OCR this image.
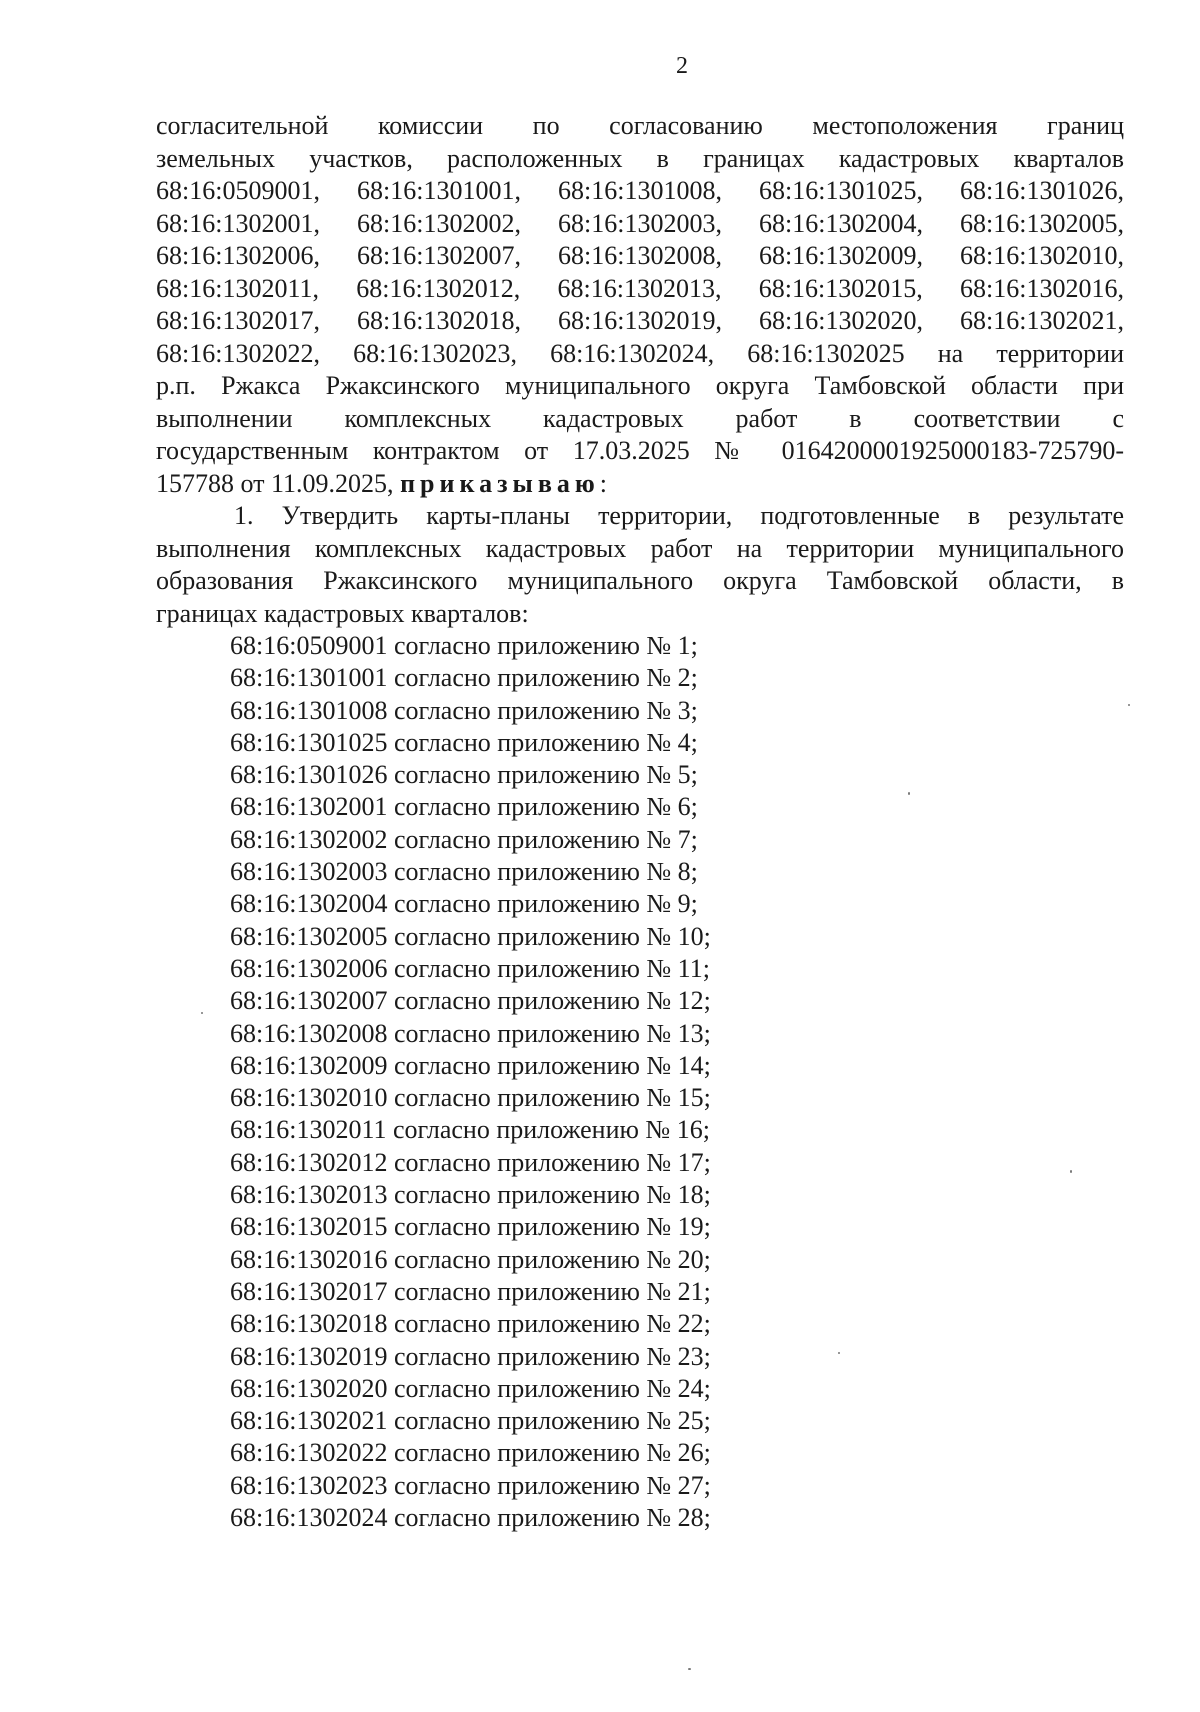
2

согласительной комиссии по согласованию местоположения границ

земельных участков, расположенных в границах кадастровых кварталов

68:16:0509001, 68:16:1301001, 68:16:1301008, 68:16:1301025, 68:16:1301026,

68:16:1302001, 68:16:1302002, 68:16:1302003, 68:16:1302004, 68:16:1302005,

68:16:1302006, 68:16:1302007, 68:16:1302008, 68:16:1302009, 68:16:1302010,

68:16:1302011, 68:16:1302012, 68:16:1302013, 68:16:1302015, 68:16:1302016,

68:16:1302017, 68:16:1302018, 68:16:1302019, 68:16:1302020, 68:16:1302021,

68:16:1302022, 68:16:1302023, 68:16:1302024, 68:16:1302025 на территории

р.п. Ржакса Ржаксинского муниципального округа Тамбовской области при

выполнении комплексных кадастровых работ в соответствии с

государственным контрактом от 17.03.2025 № 0164200001925000183-725790-

157788 от 11.09.2025, приказываю:

1. Утвердить карты-планы территории, подготовленные в результате

выполнения комплексных кадастровых работ на территории муниципального

образования Ржаксинского муниципального округа Тамбовской области, в

границах кадастровых кварталов:

68:16:0509001 согласно приложению № 1;
68:16:1301001 согласно приложению № 2;
68:16:1301008 согласно приложению № 3;
68:16:1301025 согласно приложению № 4;
68:16:1301026 согласно приложению № 5;
68:16:1302001 согласно приложению № 6;
68:16:1302002 согласно приложению № 7;
68:16:1302003 согласно приложению № 8;
68:16:1302004 согласно приложению № 9;
68:16:1302005 согласно приложению № 10;
68:16:1302006 согласно приложению № 11;
68:16:1302007 согласно приложению № 12;
68:16:1302008 согласно приложению № 13;
68:16:1302009 согласно приложению № 14;
68:16:1302010 согласно приложению № 15;
68:16:1302011 согласно приложению № 16;
68:16:1302012 согласно приложению № 17;
68:16:1302013 согласно приложению № 18;
68:16:1302015 согласно приложению № 19;
68:16:1302016 согласно приложению № 20;
68:16:1302017 согласно приложению № 21;
68:16:1302018 согласно приложению № 22;
68:16:1302019 согласно приложению № 23;
68:16:1302020 согласно приложению № 24;
68:16:1302021 согласно приложению № 25;
68:16:1302022 согласно приложению № 26;
68:16:1302023 согласно приложению № 27;
68:16:1302024 согласно приложению № 28;
